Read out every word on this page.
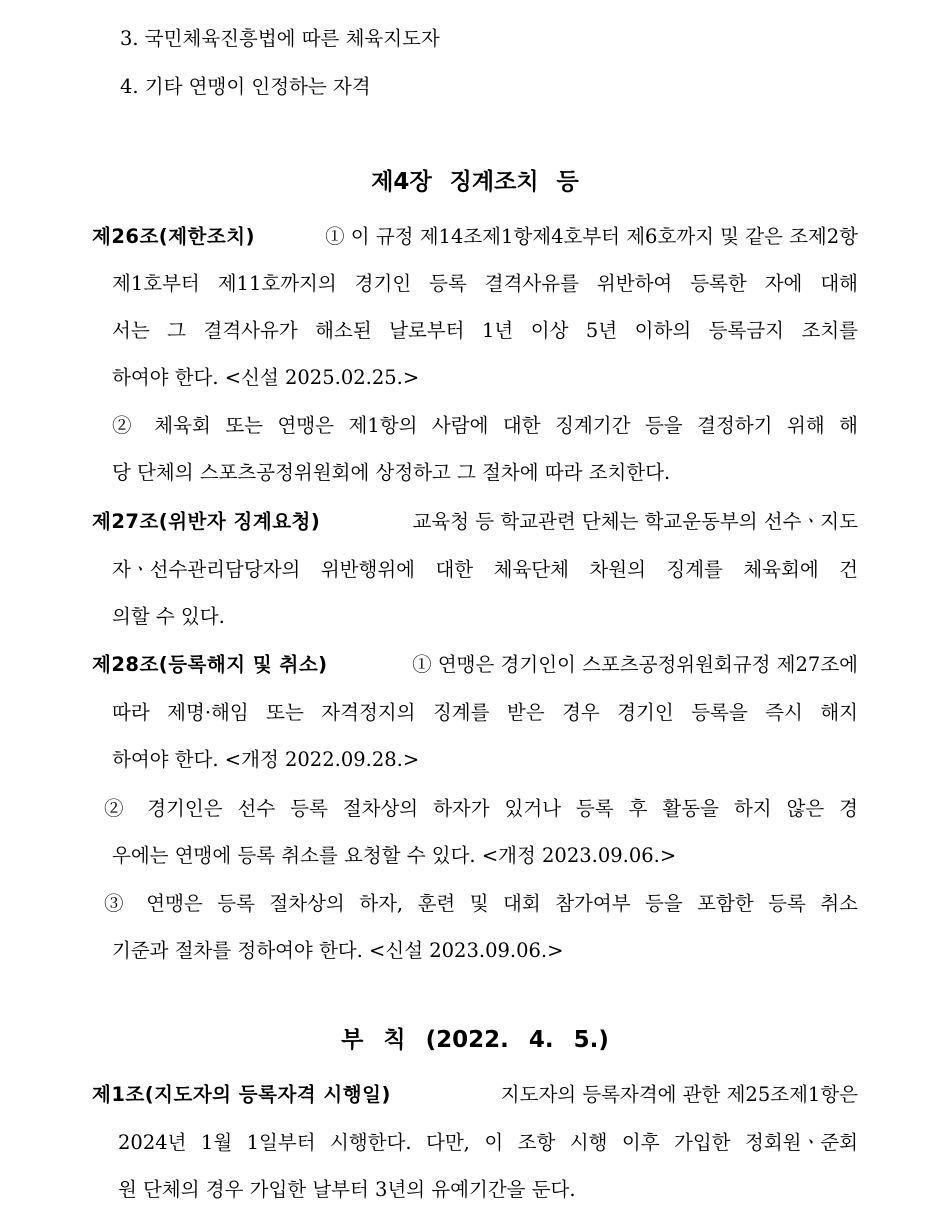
3. 국민체육진흥법에 따른 체육지도자
4. 기타 연맹이 인정하는 자격
제4장 징계조치 등
제26조(제한조치)	① 이 규정 제14조제1항제4호부터 제6호까지 및 같은 조제2항
제1호부터 제11호까지의 경기인 등록 결격사유를 위반하여 등록한 자에 대해
서는 그 결격사유가 해소된 날로부터 1년 이상 5년 이하의 등록금지 조치를
하여야 한다. <신설 2025.02.25.>
② 체육회 또는 연맹은 제1항의 사람에 대한 징계기간 등을 결정하기 위해 해
당 단체의 스포츠공정위원회에 상정하고 그 절차에 따라 조치한다.
제27조(위반자 징계요청)	교육청 등 학교관련 단체는 학교운동부의 선수ㆍ지도
자ㆍ선수관리담당자의 위반행위에 대한 체육단체 차원의 징계를 체육회에 건
의할 수 있다.
제28조(등록해지 및 취소)	① 연맹은 경기인이 스포츠공정위원회규정 제27조에
따라 제명·해임 또는 자격정지의 징계를 받은 경우 경기인 등록을 즉시 해지
하여야 한다. <개정 2022.09.28.>
② 경기인은 선수 등록 절차상의 하자가 있거나 등록 후 활동을 하지 않은 경
우에는 연맹에 등록 취소를 요청할 수 있다. <개정 2023.09.06.>
③ 연맹은 등록 절차상의 하자, 훈련 및 대회 참가여부 등을 포함한 등록 취소
기준과 절차를 정하여야 한다. <신설 2023.09.06.>
부 칙 (2022. 4. 5.)
제1조(지도자의 등록자격 시행일)	지도자의 등록자격에 관한 제25조제1항은
2024년 1월 1일부터 시행한다. 다만, 이 조항 시행 이후 가입한 정회원ㆍ준회
원 단체의 경우 가입한 날부터 3년의 유예기간을 둔다.
